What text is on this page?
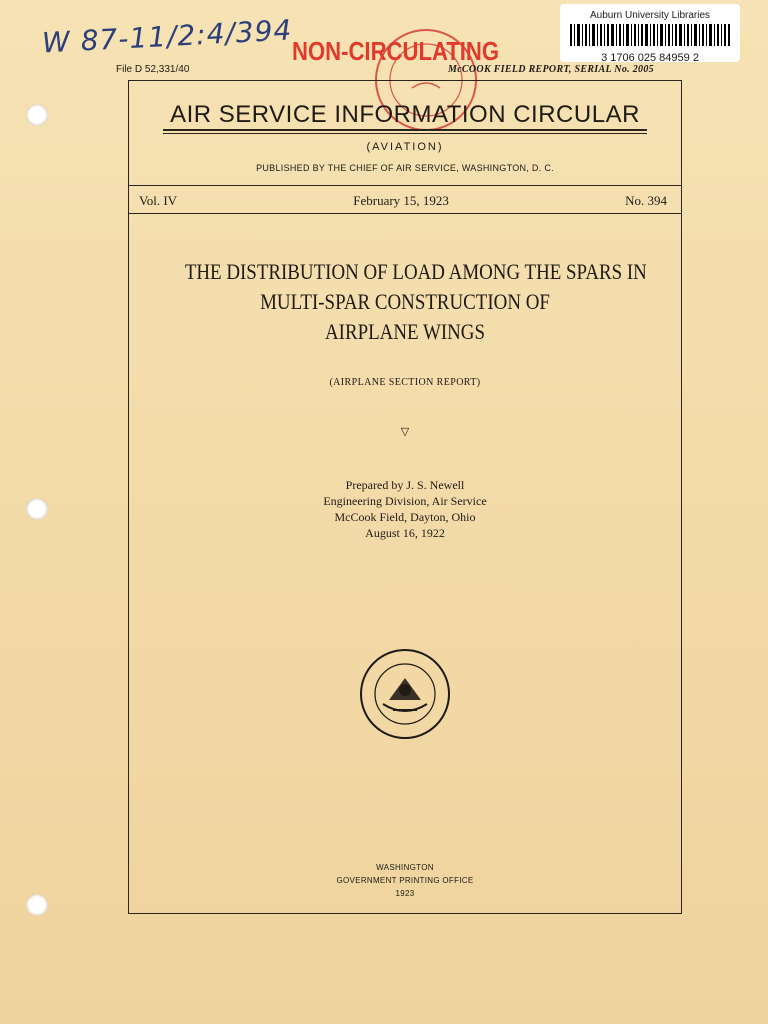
W 87-11/2:4/394
File D 52,331/40
NON-CIRCULATING
McCOOK FIELD REPORT, SERIAL No. 2005
Auburn University Libraries
3 1706 025 84959 2
AIR SERVICE INFORMATION CIRCULAR
(AVIATION)
PUBLISHED BY THE CHIEF OF AIR SERVICE, WASHINGTON, D. C.
Vol. IV	February 15, 1923	No. 394
THE DISTRIBUTION OF LOAD AMONG THE SPARS IN
MULTI-SPAR CONSTRUCTION OF
AIRPLANE WINGS
(AIRPLANE SECTION REPORT)
▽
Prepared by J. S. Newell
Engineering Division, Air Service
McCook Field, Dayton, Ohio
August 16, 1922
WASHINGTON
GOVERNMENT PRINTING OFFICE
1923
